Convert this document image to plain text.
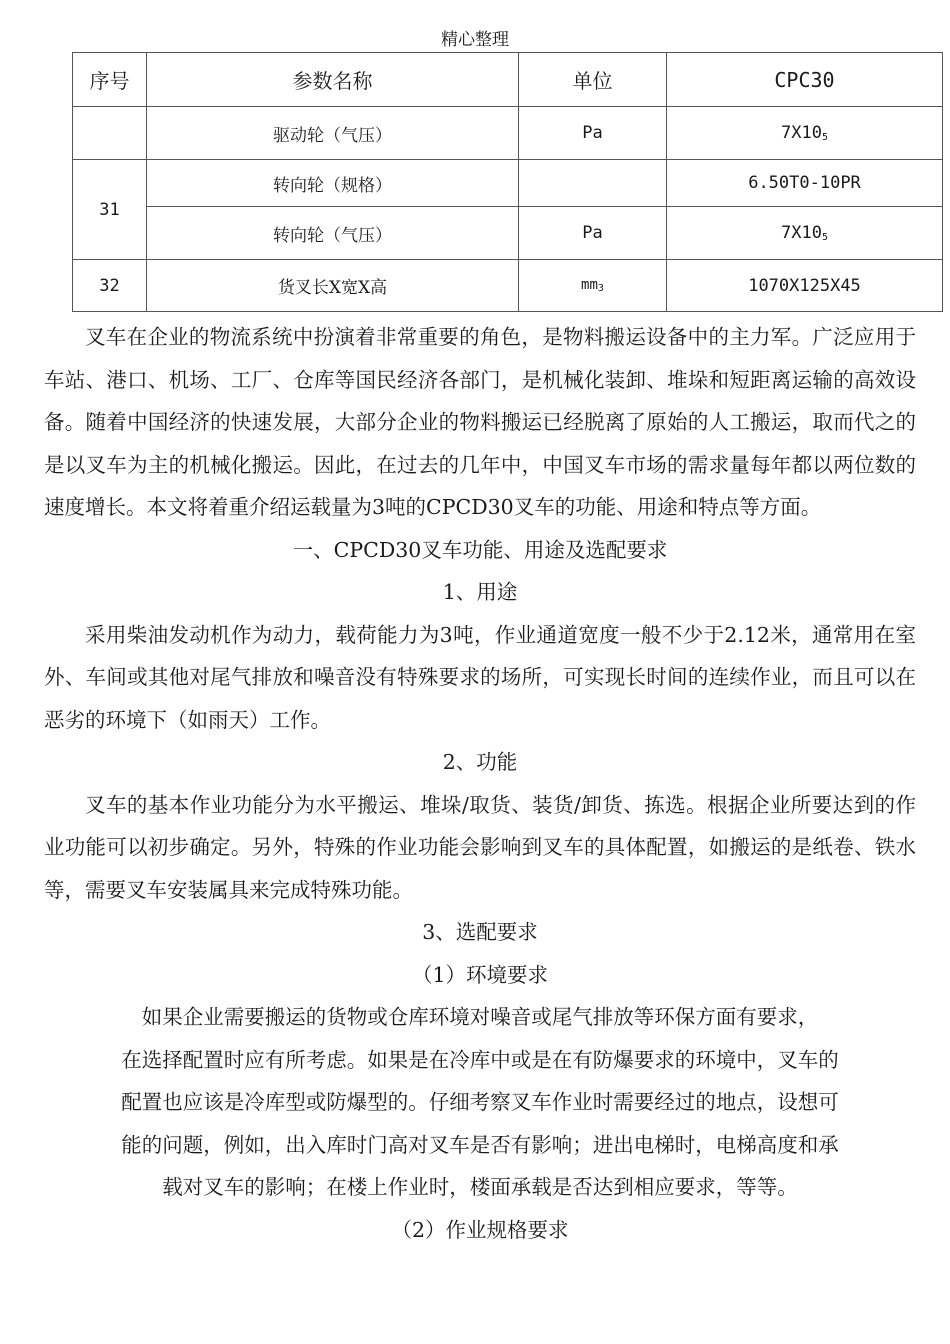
精心整理
序号	参数名称	单位	CPC30
	驱动轮（气压）	Pa	$7X10_5$
31	转向轮（规格）		6.50T0-10PR
	转向轮（气压）	Pa	$7X10_5$
32	货叉长X宽X高	$mm_3$	1070X125X45

叉车在企业的物流系统中扮演着非常重要的角色，是物料搬运设备中的主力军。广泛应用于车站、港口、机场、工厂、仓库等国民经济各部门，是机械化装卸、堆垛和短距离运输的高效设备。随着中国经济的快速发展，大部分企业的物料搬运已经脱离了原始的人工搬运，取而代之的是以叉车为主的机械化搬运。因此，在过去的几年中，中国叉车市场的需求量每年都以两位数的速度增长。本文将着重介绍运载量为3吨的CPCD30叉车的功能、用途和特点等方面。

一、CPCD30叉车功能、用途及选配要求

1、用途

采用柴油发动机作为动力，载荷能力为3吨，作业通道宽度一般不少于2.12米，通常用在室外、车间或其他对尾气排放和噪音没有特殊要求的场所，可实现长时间的连续作业，而且可以在恶劣的环境下（如雨天）工作。

2、功能

叉车的基本作业功能分为水平搬运、堆垛/取货、装货/卸货、拣选。根据企业所要达到的作业功能可以初步确定。另外，特殊的作业功能会影响到叉车的具体配置，如搬运的是纸卷、铁水等，需要叉车安装属具来完成特殊功能。

3、选配要求

（1）环境要求

如果企业需要搬运的货物或仓库环境对噪音或尾气排放等环保方面有要求，

在选择配置时应有所考虑。如果是在冷库中或是在有防爆要求的环境中，叉车的

配置也应该是冷库型或防爆型的。仔细考察叉车作业时需要经过的地点，设想可

能的问题，例如，出入库时门高对叉车是否有影响；进出电梯时，电梯高度和承

载对叉车的影响；在楼上作业时，楼面承载是否达到相应要求，等等。

（2）作业规格要求
